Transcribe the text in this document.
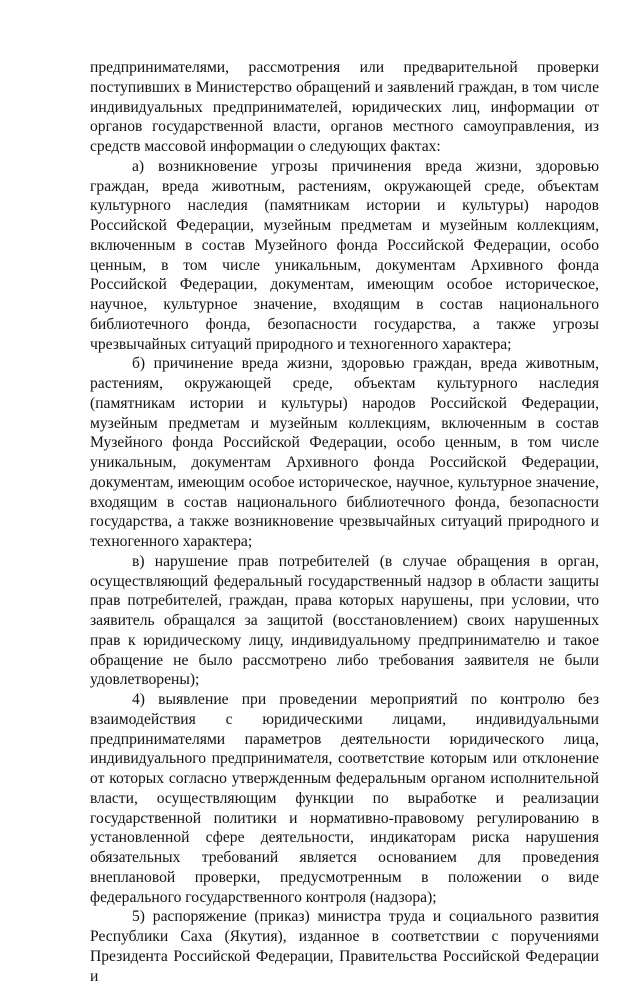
предпринимателями, рассмотрения или предварительной проверки поступивших в Министерство обращений и заявлений граждан, в том числе индивидуальных предпринимателей, юридических лиц, информации от органов государственной власти, органов местного самоуправления, из средств массовой информации о следующих фактах:

а) возникновение угрозы причинения вреда жизни, здоровью граждан, вреда животным, растениям, окружающей среде, объектам культурного наследия (памятникам истории и культуры) народов Российской Федерации, музейным предметам и музейным коллекциям, включенным в состав Музейного фонда Российской Федерации, особо ценным, в том числе уникальным, документам Архивного фонда Российской Федерации, документам, имеющим особое историческое, научное, культурное значение, входящим в состав национального библиотечного фонда, безопасности государства, а также угрозы чрезвычайных ситуаций природного и техногенного характера;

б) причинение вреда жизни, здоровью граждан, вреда животным, растениям, окружающей среде, объектам культурного наследия (памятникам истории и культуры) народов Российской Федерации, музейным предметам и музейным коллекциям, включенным в состав Музейного фонда Российской Федерации, особо ценным, в том числе уникальным, документам Архивного фонда Российской Федерации, документам, имеющим особое историческое, научное, культурное значение, входящим в состав национального библиотечного фонда, безопасности государства, а также возникновение чрезвычайных ситуаций природного и техногенного характера;

в) нарушение прав потребителей (в случае обращения в орган, осуществляющий федеральный государственный надзор в области защиты прав потребителей, граждан, права которых нарушены, при условии, что заявитель обращался за защитой (восстановлением) своих нарушенных прав к юридическому лицу, индивидуальному предпринимателю и такое обращение не было рассмотрено либо требования заявителя не были удовлетворены);

4) выявление при проведении мероприятий по контролю без взаимодействия с юридическими лицами, индивидуальными предпринимателями параметров деятельности юридического лица, индивидуального предпринимателя, соответствие которым или отклонение от которых согласно утвержденным федеральным органом исполнительной власти, осуществляющим функции по выработке и реализации государственной политики и нормативно-правовому регулированию в установленной сфере деятельности, индикаторам риска нарушения обязательных требований является основанием для проведения внеплановой проверки, предусмотренным в положении о виде федерального государственного контроля (надзора);

5) распоряжение (приказ) министра труда и социального развития Республики Саха (Якутия), изданное в соответствии с поручениями Президента Российской Федерации, Правительства Российской Федерации и
